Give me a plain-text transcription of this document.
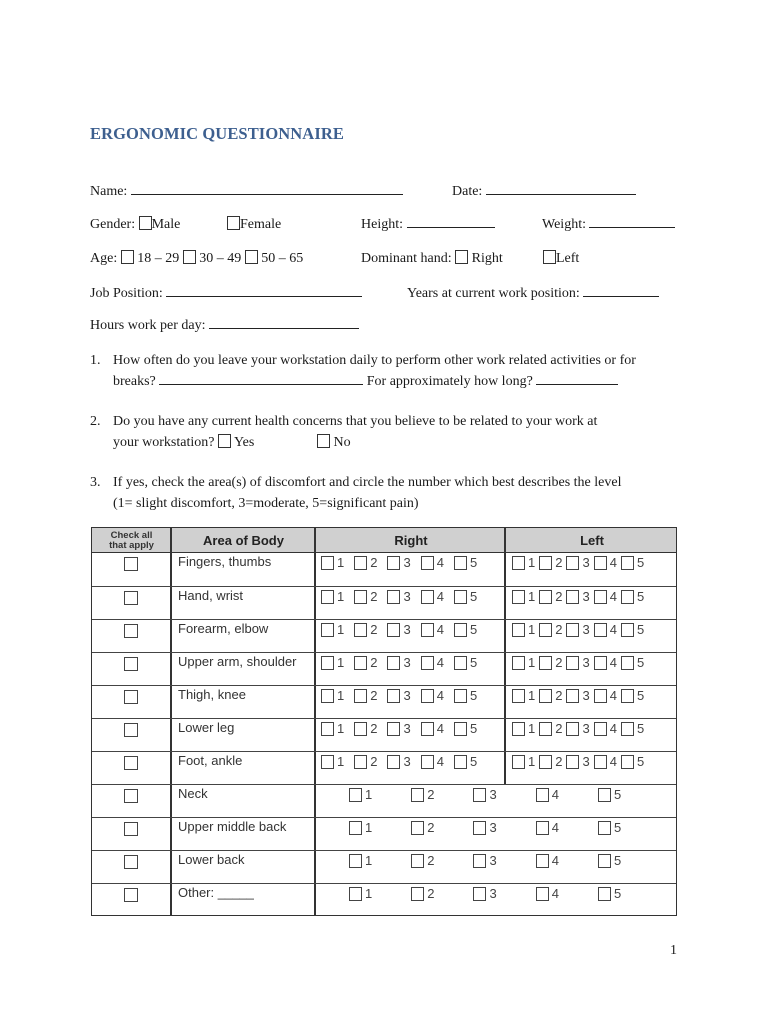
ERGONOMIC QUESTIONNAIRE
Name:	Date:
Gender: Male	Female	Height:	Weight:
Age: 18 – 29 30 – 49 50 – 65	Dominant hand: Right	Left
Job Position:	Years at current work position:
Hours work per day:
1. How often do you leave your workstation daily to perform other work related activities or for
breaks?	For approximately how long?
2. Do you have any current health concerns that you believe to be related to your work at
your workstation? Yes	No
3. If yes, check the area(s) of discomfort and circle the number which best describes the level
(1= slight discomfort, 3=moderate, 5=significant pain)
Check all
that apply	Area of Body	Right	Left
Fingers, thumbs	1 2 3 4 5	1 2 3 4 5
Hand, wrist	1 2 3 4 5	1 2 3 4 5
Forearm, elbow	1 2 3 4 5	1 2 3 4 5
Upper arm, shoulder	1 2 3 4 5	1 2 3 4 5
Thigh, knee	1 2 3 4 5	1 2 3 4 5
Lower leg	1 2 3 4 5	1 2 3 4 5
Foot, ankle	1 2 3 4 5	1 2 3 4 5
Neck	1	2	3	4	5
Upper middle back	1	2	3	4	5
Lower back	1	2	3	4	5
Other: _____	1	2	3	4	5
1
